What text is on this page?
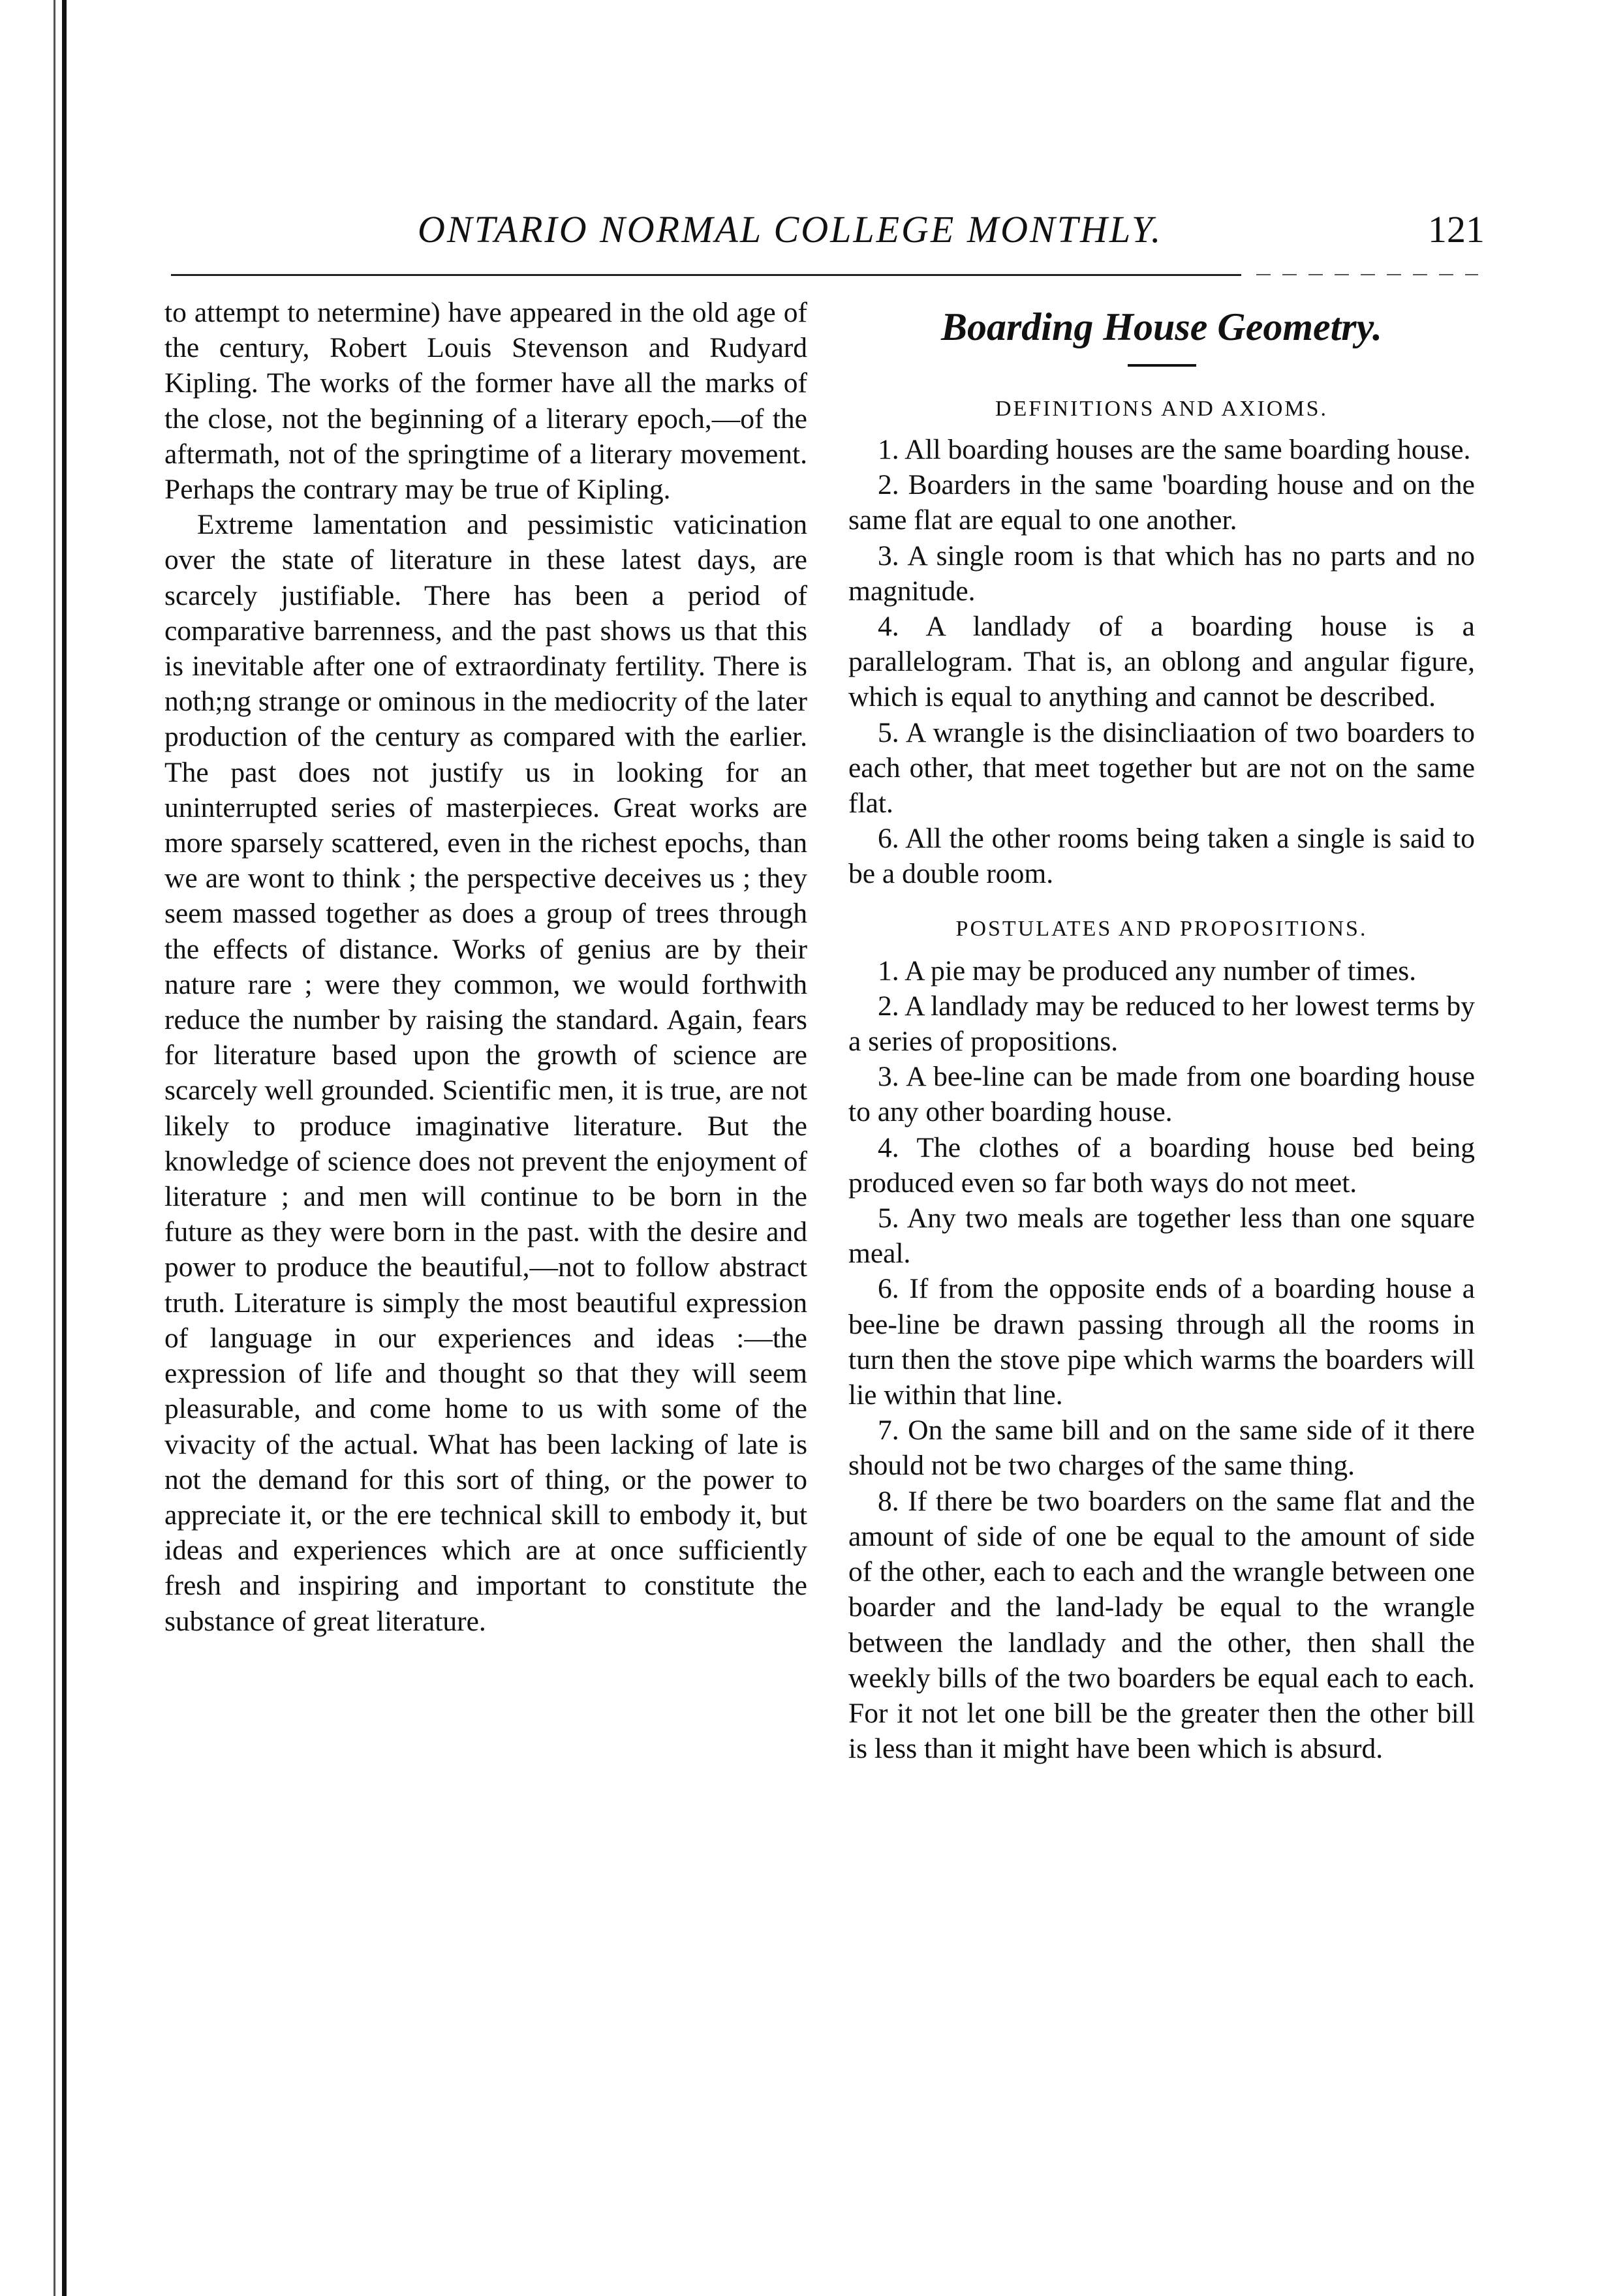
ONTARIO NORMAL COLLEGE MONTHLY.	121

to attempt to netermine) have appeared in the old age of the century, Robert Louis Stevenson and Rudyard Kipling. The works of the former have all the marks of the close, not the beginning of a literary epoch,—of the aftermath, not of the springtime of a literary movement. Perhaps the contrary may be true of Kipling.

Extreme lamentation and pessimistic vaticination over the state of literature in these latest days, are scarcely justifiable. There has been a period of comparative barrenness, and the past shows us that this is inevitable after one of extraordinaty fertility. There is noth;ng strange or ominous in the mediocrity of the later production of the century as compared with the earlier. The past does not justify us in looking for an uninterrupted series of masterpieces. Great works are more sparsely scattered, even in the richest epochs, than we are wont to think ; the perspective deceives us ; they seem massed together as does a group of trees through the effects of distance. Works of genius are by their nature rare ; were they common, we would forthwith reduce the number by raising the standard. Again, fears for literature based upon the growth of science are scarcely well grounded. Scientific men, it is true, are not likely to produce imaginative literature. But the knowledge of science does not prevent the enjoyment of literature ; and men will continue to be born in the future as they were born in the past. with the desire and power to produce the beautiful,—not to follow abstract truth. Literature is simply the most beautiful expression of language in our experiences and ideas :—the expression of life and thought so that they will seem pleasurable, and come home to us with some of the vivacity of the actual. What has been lacking of late is not the demand for this sort of thing, or the power to appreciate it, or the ere technical skill to embody it, but ideas and experiences which are at once sufficiently fresh and inspiring and important to constitute the substance of great literature.

Boarding House Geometry.
DEFINITIONS AND AXIOMS.

1. All boarding houses are the same boarding house.

2. Boarders in the same 'boarding house and on the same flat are equal to one another.

3. A single room is that which has no parts and no magnitude.

4. A landlady of a boarding house is a parallelogram. That is, an oblong and angular figure, which is equal to anything and cannot be described.

5. A wrangle is the disincliaation of two boarders to each other, that meet together but are not on the same flat.

6. All the other rooms being taken a single is said to be a double room.

POSTULATES AND PROPOSITIONS.

1. A pie may be produced any number of times.

2. A landlady may be reduced to her lowest terms by a series of propositions.

3. A bee-line can be made from one boarding house to any other boarding house.

4. The clothes of a boarding house bed being produced even so far both ways do not meet.

5. Any two meals are together less than one square meal.

6. If from the opposite ends of a boarding house a bee-line be drawn passing through all the rooms in turn then the stove pipe which warms the boarders will lie within that line.

7. On the same bill and on the same side of it there should not be two charges of the same thing.

8. If there be two boarders on the same flat and the amount of side of one be equal to the amount of side of the other, each to each and the wrangle between one boarder and the land-lady be equal to the wrangle between the landlady and the other, then shall the weekly bills of the two boarders be equal each to each. For it not let one bill be the greater then the other bill is less than it might have been which is absurd.
